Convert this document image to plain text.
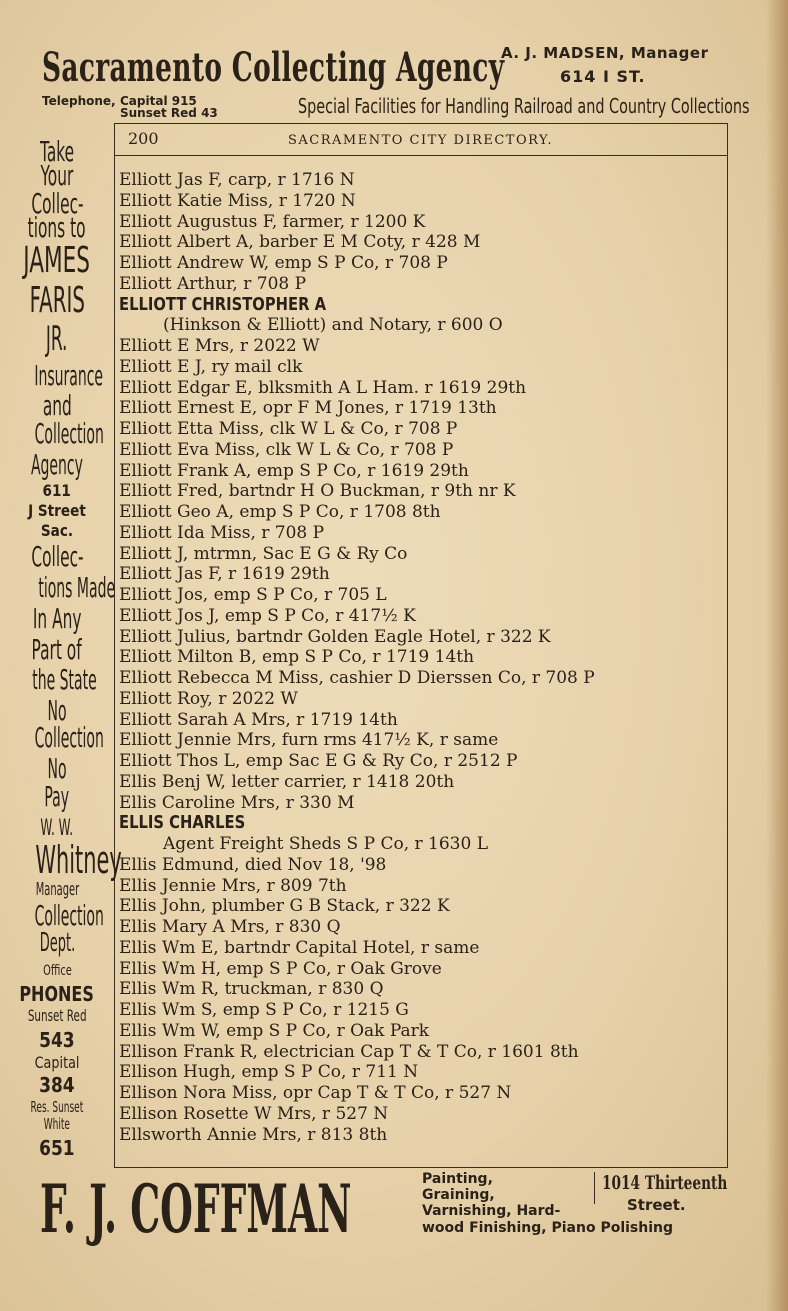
Sacramento Collecting Agency
A. J. MADSEN, Manager
614 I ST.
Telephone, Capital 915
Sunset Red 43	Special Facilities for Handling Railroad and Country Collections
200	SACRAMENTO CITY DIRECTORY.
Take
Your
Collec-
tions to
JAMES
FARIS
JR.
Insurance
and
Collection
Agency
611
J Street
Sac.
Collec-
tions Made
In Any
Part of
the State
No
Collection
No
Pay
W. W.
Whitney
Manager
Collection
Dept.
Office
PHONES
Sunset Red
543
Capital
384
Res. Sunset
White
651
Elliott Jas F, carp, r 1716 N
Elliott Katie Miss, r 1720 N
Elliott Augustus F, farmer, r 1200 K
Elliott Albert A, barber E M Coty, r 428 M
Elliott Andrew W, emp S P Co, r 708 P
Elliott Arthur, r 708 P
ELLIOTT CHRISTOPHER A
(Hinkson & Elliott) and Notary, r 600 O
Elliott E Mrs, r 2022 W
Elliott E J, ry mail clk
Elliott Edgar E, blksmith A L Ham. r 1619 29th
Elliott Ernest E, opr F M Jones, r 1719 13th
Elliott Etta Miss, clk W L & Co, r 708 P
Elliott Eva Miss, clk W L & Co, r 708 P
Elliott Frank A, emp S P Co, r 1619 29th
Elliott Fred, bartndr H O Buckman, r 9th nr K
Elliott Geo A, emp S P Co, r 1708 8th
Elliott Ida Miss, r 708 P
Elliott J, mtrmn, Sac E G & Ry Co
Elliott Jas F, r 1619 29th
Elliott Jos, emp S P Co, r 705 L
Elliott Jos J, emp S P Co, r 417½ K
Elliott Julius, bartndr Golden Eagle Hotel, r 322 K
Elliott Milton B, emp S P Co, r 1719 14th
Elliott Rebecca M Miss, cashier D Dierssen Co, r 708 P
Elliott Roy, r 2022 W
Elliott Sarah A Mrs, r 1719 14th
Elliott Jennie Mrs, furn rms 417½ K, r same
Elliott Thos L, emp Sac E G & Ry Co, r 2512 P
Ellis Benj W, letter carrier, r 1418 20th
Ellis Caroline Mrs, r 330 M
ELLIS CHARLES
Agent Freight Sheds S P Co, r 1630 L
Ellis Edmund, died Nov 18, '98
Ellis Jennie Mrs, r 809 7th
Ellis John, plumber G B Stack, r 322 K
Ellis Mary A Mrs, r 830 Q
Ellis Wm E, bartndr Capital Hotel, r same
Ellis Wm H, emp S P Co, r Oak Grove
Ellis Wm R, truckman, r 830 Q
Ellis Wm S, emp S P Co, r 1215 G
Ellis Wm W, emp S P Co, r Oak Park
Ellison Frank R, electrician Cap T & T Co, r 1601 8th
Ellison Hugh, emp S P Co, r 711 N
Ellison Nora Miss, opr Cap T & T Co, r 527 N
Ellison Rosette W Mrs, r 527 N
Ellsworth Annie Mrs, r 813 8th
F. J. COFFMAN	Painting,
Graining,
Varnishing, Hard-
wood Finishing, Piano Polishing
1014 Thirteenth
Street.
